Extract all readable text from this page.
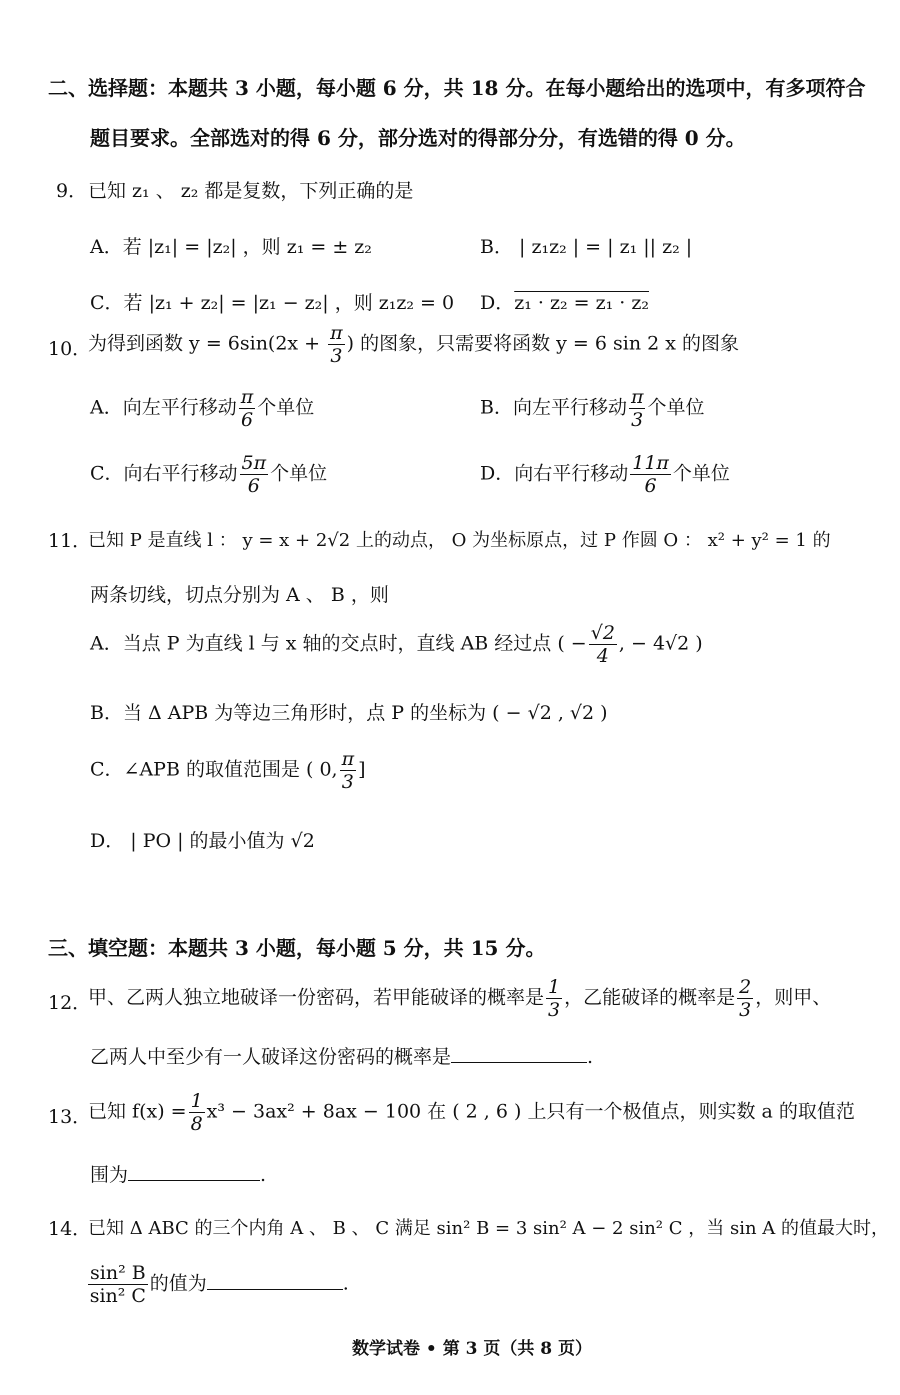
二、选择题：本题共 3 小题，每小题 6 分，共 18 分。在每小题给出的选项中，有多项符合
题目要求。全部选对的得 6 分，部分选对的得部分分，有选错的得 0 分。
9． 已知 z₁ 、 z₂ 都是复数，下列正确的是
A．若 |z₁| = |z₂| ，则 z₁ = ± z₂	B． | z₁z₂ | = | z₁ || z₂ |
C．若 |z₁ + z₂| = |z₁ − z₂| ，则 z₁z₂ = 0 D．z₁ · z₂ = z₁ · z₂
10．
为得到函数 $y = 6\sin(2x + \frac{\pi}{3}$ ) 的图象，只需要将函数 y = 6 sin 2 x 的图象
A．向左平行移动 $\frac{\pi}{6}$ 个单位	B．向左平行移动 $\frac{\pi}{3}$ 个单位
C．向右平行移动 $\frac{5\pi}{6}$ 个单位	D．向右平行移动 $\frac{11\pi}{6}$ 个单位
11．
已知 P 是直线 l ： y = x + 2√2 上的动点， O 为坐标原点，过 P 作圆 O ： x² + y² = 1 的
两条切线，切点分别为 A 、 B ，则
A．当点 P 为直线 l 与 x 轴的交点时，直线 AB 经过点 ( − $\frac{√2}{4}$ , − 4√2 )
B．当 Δ APB 为等边三角形时，点 P 的坐标为 ( − √2 , √2 )
C．∠APB 的取值范围是 ( 0, $\frac{\pi}{3}$ ]
D． | PO | 的最小值为 √2
三、填空题：本题共 3 小题，每小题 5 分，共 15 分。
12．
甲、乙两人独立地破译一份密码，若甲能破译的概率是 $\frac{1}{3}$ ，乙能破译的概率是 $\frac{2}{3}$ ，则甲、
乙两人中至少有一人破译这份密码的概率是	.
13．
已知 $f(x) = \frac{1}{8} x^3 - 3ax^2 + 8ax - 100$ 在 ( 2 , 6 ) 上只有一个极值点，则实数 a 的取值范
围为	.
14．
已知 Δ ABC 的三个内角 A 、 B 、 C 满足 sin² B = 3 sin² A − 2 sin² C ，当 sin A 的值最大时，
$\frac{\text{sin² B}}{\text{sin² C}}$ 的值为	.
数学试卷 • 第 3 页（共 8 页）
